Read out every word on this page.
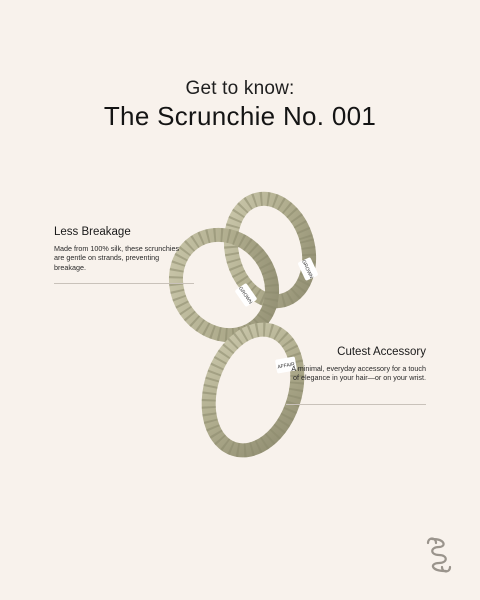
Get to know:
The Scrunchie No. 001
GROWN
GROWN
AFFAIR
Less Breakage
Made from 100% silk, these scrunchies are gentle on strands, preventing breakage.
Cutest Accessory
A minimal, everyday accessory for a touch of elegance in your hair—or on your wrist.
